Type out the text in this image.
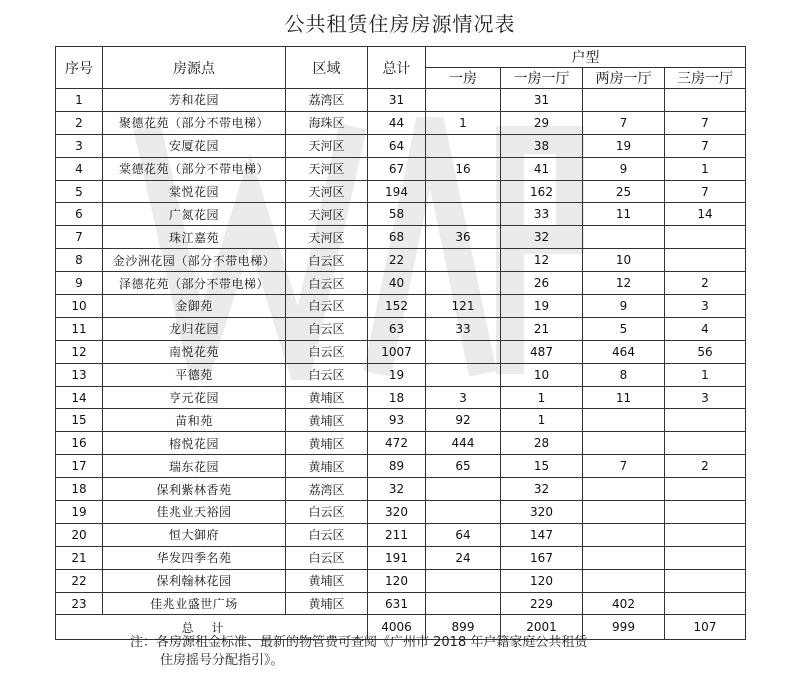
公共租赁住房房源情况表
序号	房源点	区域	总计	户型			
				一房	一房一厅	两房一厅	三房一厅
1	芳和花园	荔湾区	31		31		
2	聚德花苑（部分不带电梯）	海珠区	44	1	29	7	7
3	安厦花园	天河区	64		38	19	7
4	棠德花苑（部分不带电梯）	天河区	67	16	41	9	1
5	棠悦花园	天河区	194		162	25	7
6	广氮花园	天河区	58		33	11	14
7	珠江嘉苑	天河区	68	36	32		
8	金沙洲花园（部分不带电梯）	白云区	22		12	10	
9	泽德花苑（部分不带电梯）	白云区	40		26	12	2
10	金御苑	白云区	152	121	19	9	3
11	龙归花园	白云区	63	33	21	5	4
12	南悦花苑	白云区	1007		487	464	56
13	平德苑	白云区	19		10	8	1
14	亨元花园	黄埔区	18	3	1	11	3
15	苗和苑	黄埔区	93	92	1		
16	榕悦花园	黄埔区	472	444	28		
17	瑞东花园	黄埔区	89	65	15	7	2
18	保利紫林香苑	荔湾区	32		32		
19	佳兆业天裕园	白云区	320		320		
20	恒大御府	白云区	211	64	147		
21	华发四季名苑	白云区	191	24	167		
22	保利翰林花园	黄埔区	120		120		
23	佳兆业盛世广场	黄埔区	631		229	402	
总计			4006	899	2001	999	107
注：各房源租金标准、最新的物管费可查阅《广州市 2018 年户籍家庭公共租赁
住房摇号分配指引》。
